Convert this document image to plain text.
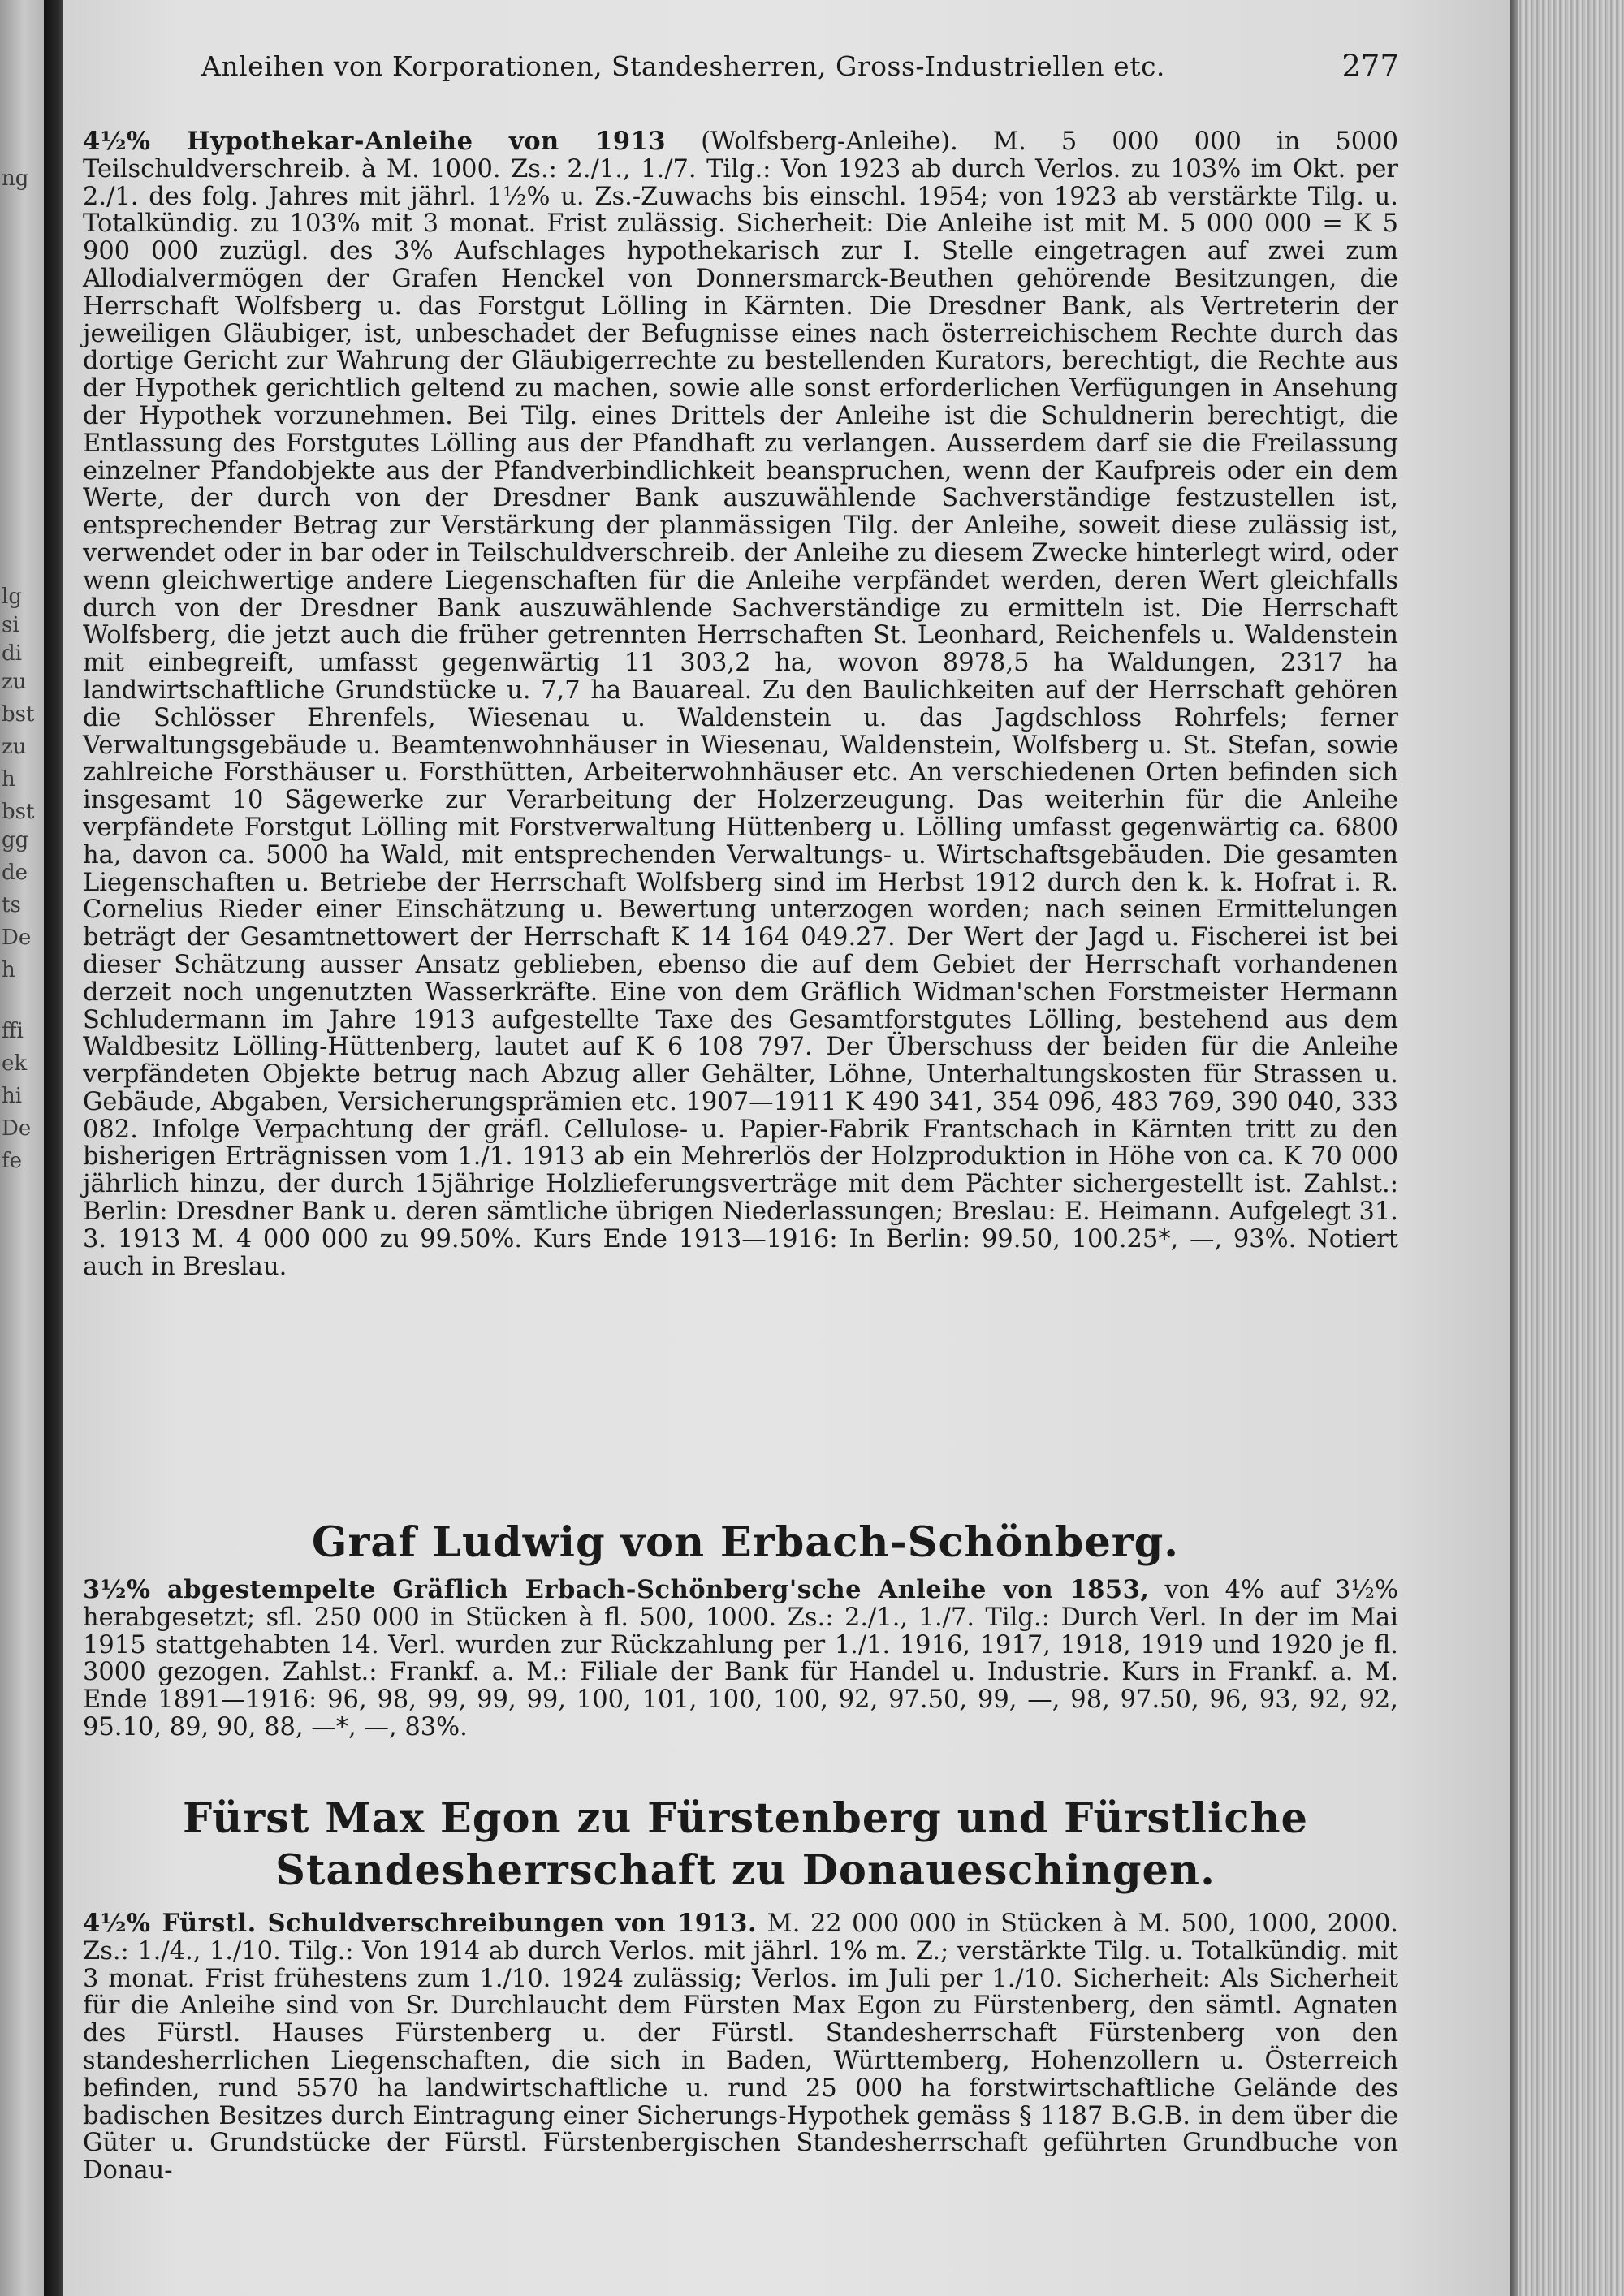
ng
lg
si
di
zu
bst
zu
h
bst
gg
de
ts
De
h
ffi
ek
hi
De
fe
Anleihen von Korporationen, Standesherren, Gross-Industriellen etc.	277

4½% Hypothekar-Anleihe von 1913 (Wolfsberg-Anleihe). M. 5 000 000 in 5000 Teilschuldverschreib. à M. 1000. Zs.: 2./1., 1./7. Tilg.: Von 1923 ab durch Verlos. zu 103% im Okt. per 2./1. des folg. Jahres mit jährl. 1½% u. Zs.-Zuwachs bis einschl. 1954; von 1923 ab verstärkte Tilg. u. Totalkündig. zu 103% mit 3 monat. Frist zulässig. Sicherheit: Die Anleihe ist mit M. 5 000 000 = K 5 900 000 zuzügl. des 3% Aufschlages hypothekarisch zur I. Stelle eingetragen auf zwei zum Allodialvermögen der Grafen Henckel von Donnersmarck-Beuthen gehörende Besitzungen, die Herrschaft Wolfsberg u. das Forstgut Lölling in Kärnten. Die Dresdner Bank, als Vertreterin der jeweiligen Gläubiger, ist, unbeschadet der Befugnisse eines nach österreichischem Rechte durch das dortige Gericht zur Wahrung der Gläubigerrechte zu bestellenden Kurators, berechtigt, die Rechte aus der Hypothek gerichtlich geltend zu machen, sowie alle sonst erforderlichen Verfügungen in Ansehung der Hypothek vorzunehmen. Bei Tilg. eines Drittels der Anleihe ist die Schuldnerin berechtigt, die Entlassung des Forstgutes Lölling aus der Pfandhaft zu verlangen. Ausserdem darf sie die Freilassung einzelner Pfandobjekte aus der Pfandverbindlichkeit beanspruchen, wenn der Kaufpreis oder ein dem Werte, der durch von der Dresdner Bank auszuwählende Sachverständige festzustellen ist, entsprechender Betrag zur Verstärkung der planmässigen Tilg. der Anleihe, soweit diese zulässig ist, verwendet oder in bar oder in Teilschuldverschreib. der Anleihe zu diesem Zwecke hinterlegt wird, oder wenn gleichwertige andere Liegenschaften für die Anleihe verpfändet werden, deren Wert gleichfalls durch von der Dresdner Bank auszuwählende Sachverständige zu ermitteln ist. Die Herrschaft Wolfsberg, die jetzt auch die früher getrennten Herrschaften St. Leonhard, Reichenfels u. Waldenstein mit einbegreift, umfasst gegenwärtig 11 303,2 ha, wovon 8978,5 ha Waldungen, 2317 ha landwirtschaftliche Grundstücke u. 7,7 ha Bauareal. Zu den Baulichkeiten auf der Herrschaft gehören die Schlösser Ehrenfels, Wiesenau u. Waldenstein u. das Jagdschloss Rohrfels; ferner Verwaltungsgebäude u. Beamtenwohnhäuser in Wiesenau, Waldenstein, Wolfsberg u. St. Stefan, sowie zahlreiche Forsthäuser u. Forsthütten, Arbeiterwohnhäuser etc. An verschiedenen Orten befinden sich insgesamt 10 Sägewerke zur Verarbeitung der Holzerzeugung. Das weiterhin für die Anleihe verpfändete Forstgut Lölling mit Forstverwaltung Hüttenberg u. Lölling umfasst gegenwärtig ca. 6800 ha, davon ca. 5000 ha Wald, mit entsprechenden Verwaltungs- u. Wirtschaftsgebäuden. Die gesamten Liegenschaften u. Betriebe der Herrschaft Wolfsberg sind im Herbst 1912 durch den k. k. Hofrat i. R. Cornelius Rieder einer Einschätzung u. Bewertung unterzogen worden; nach seinen Ermittelungen beträgt der Gesamtnettowert der Herrschaft K 14 164 049.27. Der Wert der Jagd u. Fischerei ist bei dieser Schätzung ausser Ansatz geblieben, ebenso die auf dem Gebiet der Herrschaft vorhandenen derzeit noch ungenutzten Wasserkräfte. Eine von dem Gräflich Widman'schen Forstmeister Hermann Schludermann im Jahre 1913 aufgestellte Taxe des Gesamtforstgutes Lölling, bestehend aus dem Waldbesitz Lölling-Hüttenberg, lautet auf K 6 108 797. Der Überschuss der beiden für die Anleihe verpfändeten Objekte betrug nach Abzug aller Gehälter, Löhne, Unterhaltungskosten für Strassen u. Gebäude, Abgaben, Versicherungsprämien etc. 1907—1911 K 490 341, 354 096, 483 769, 390 040, 333 082. Infolge Verpachtung der gräfl. Cellulose- u. Papier-Fabrik Frantschach in Kärnten tritt zu den bisherigen Erträgnissen vom 1./1. 1913 ab ein Mehrerlös der Holzproduktion in Höhe von ca. K 70 000 jährlich hinzu, der durch 15jährige Holzlieferungsverträge mit dem Pächter sichergestellt ist. Zahlst.: Berlin: Dresdner Bank u. deren sämtliche übrigen Niederlassungen; Breslau: E. Heimann. Aufgelegt 31. 3. 1913 M. 4 000 000 zu 99.50%. Kurs Ende 1913—1916: In Berlin: 99.50, 100.25*, —, 93%. Notiert auch in Breslau.

Graf Ludwig von Erbach-Schönberg.

3½% abgestempelte Gräflich Erbach-Schönberg'sche Anleihe von 1853, von 4% auf 3½% herabgesetzt; sfl. 250 000 in Stücken à fl. 500, 1000. Zs.: 2./1., 1./7. Tilg.: Durch Verl. In der im Mai 1915 stattgehabten 14. Verl. wurden zur Rückzahlung per 1./1. 1916, 1917, 1918, 1919 und 1920 je fl. 3000 gezogen. Zahlst.: Frankf. a. M.: Filiale der Bank für Handel u. Industrie. Kurs in Frankf. a. M. Ende 1891—1916: 96, 98, 99, 99, 99, 100, 101, 100, 100, 92, 97.50, 99, —, 98, 97.50, 96, 93, 92, 92, 95.10, 89, 90, 88, —*, —, 83%.

Fürst Max Egon zu Fürstenberg und Fürstliche Standesherrschaft zu Donaueschingen.

4½% Fürstl. Schuldverschreibungen von 1913. M. 22 000 000 in Stücken à M. 500, 1000, 2000. Zs.: 1./4., 1./10. Tilg.: Von 1914 ab durch Verlos. mit jährl. 1% m. Z.; verstärkte Tilg. u. Totalkündig. mit 3 monat. Frist frühestens zum 1./10. 1924 zulässig; Verlos. im Juli per 1./10. Sicherheit: Als Sicherheit für die Anleihe sind von Sr. Durchlaucht dem Fürsten Max Egon zu Fürstenberg, den sämtl. Agnaten des Fürstl. Hauses Fürstenberg u. der Fürstl. Standesherrschaft Fürstenberg von den standesherrlichen Liegenschaften, die sich in Baden, Württemberg, Hohenzollern u. Österreich befinden, rund 5570 ha landwirtschaftliche u. rund 25 000 ha forstwirtschaftliche Gelände des badischen Besitzes durch Eintragung einer Sicherungs-Hypothek gemäss § 1187 B.G.B. in dem über die Güter u. Grundstücke der Fürstl. Fürstenbergischen Standesherrschaft geführten Grundbuche von Donau-
